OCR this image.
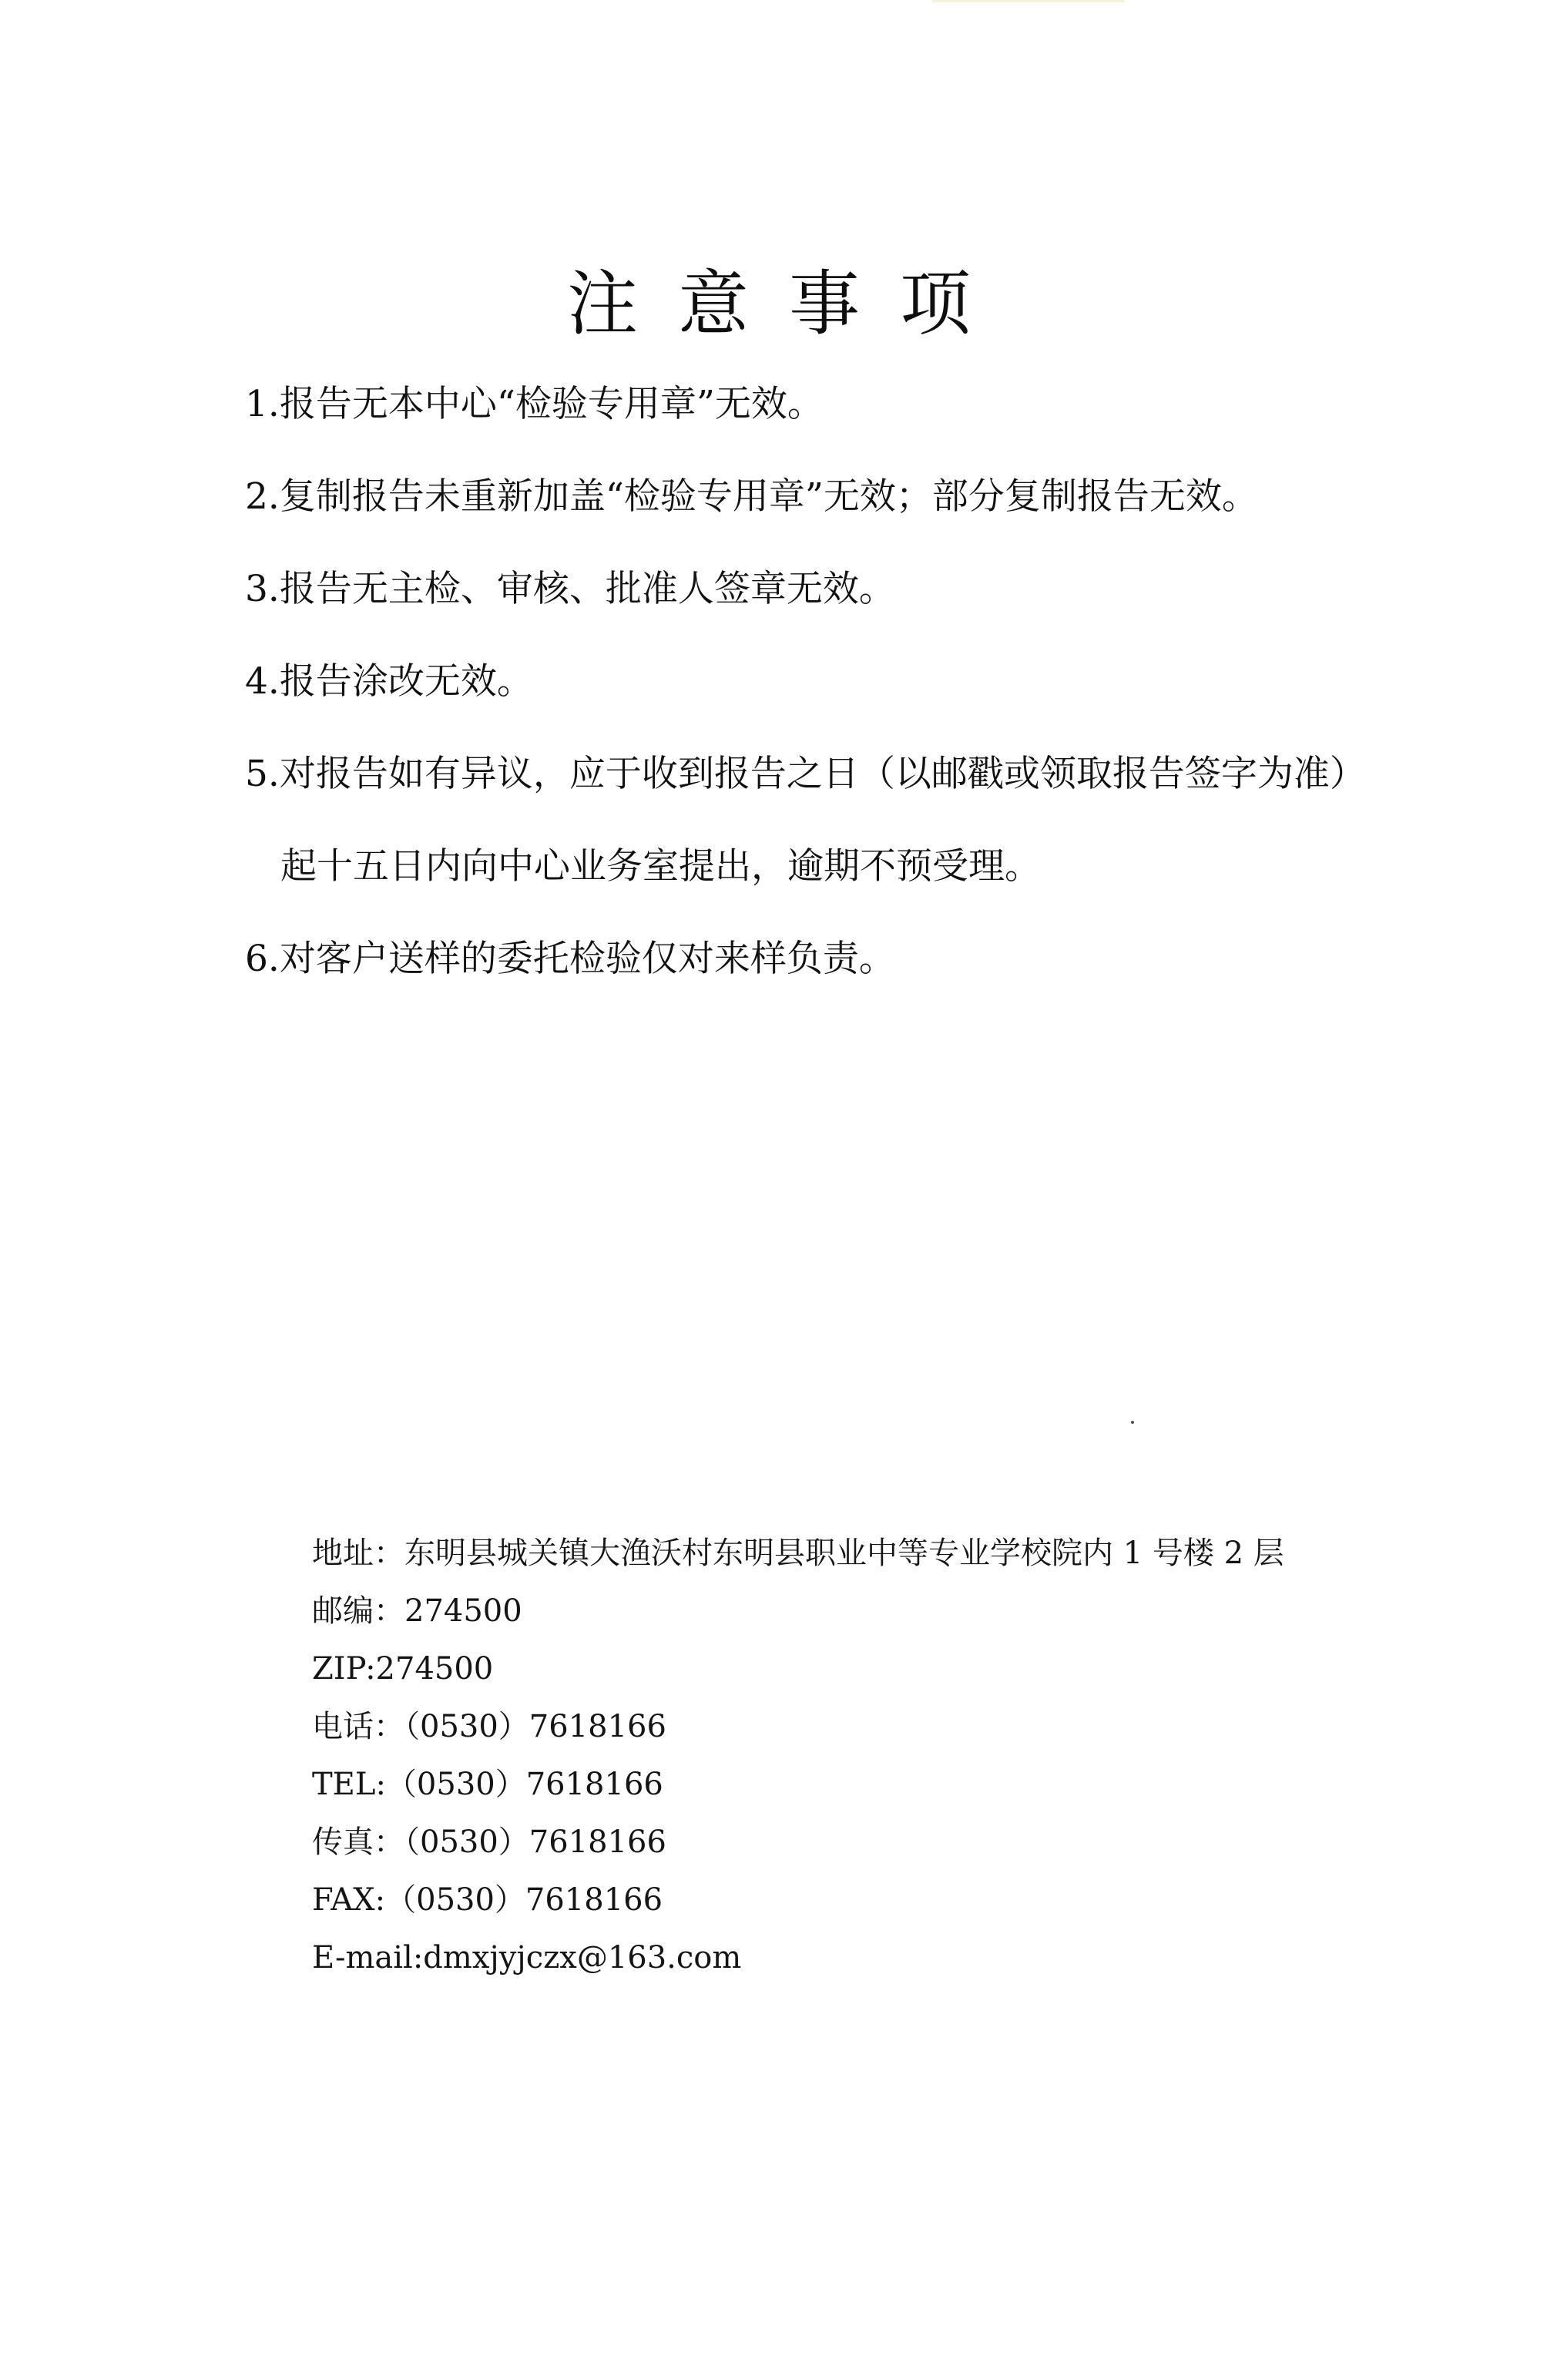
注意事项
1.报告无本中心“检验专用章”无效。
2.复制报告未重新加盖“检验专用章”无效；部分复制报告无效。
3.报告无主检、审核、批准人签章无效。
4.报告涂改无效。
5.对报告如有异议，应于收到报告之日（以邮戳或领取报告签字为准）
起十五日内向中心业务室提出，逾期不预受理。
6.对客户送样的委托检验仅对来样负责。
地址：东明县城关镇大渔沃村东明县职业中等专业学校院内 1 号楼 2 层
邮编：274500
ZIP:274500
电话：（0530）7618166
TEL:（0530）7618166
传真：（0530）7618166
FAX:（0530）7618166
E-mail:dmxjyjczx@163.com
